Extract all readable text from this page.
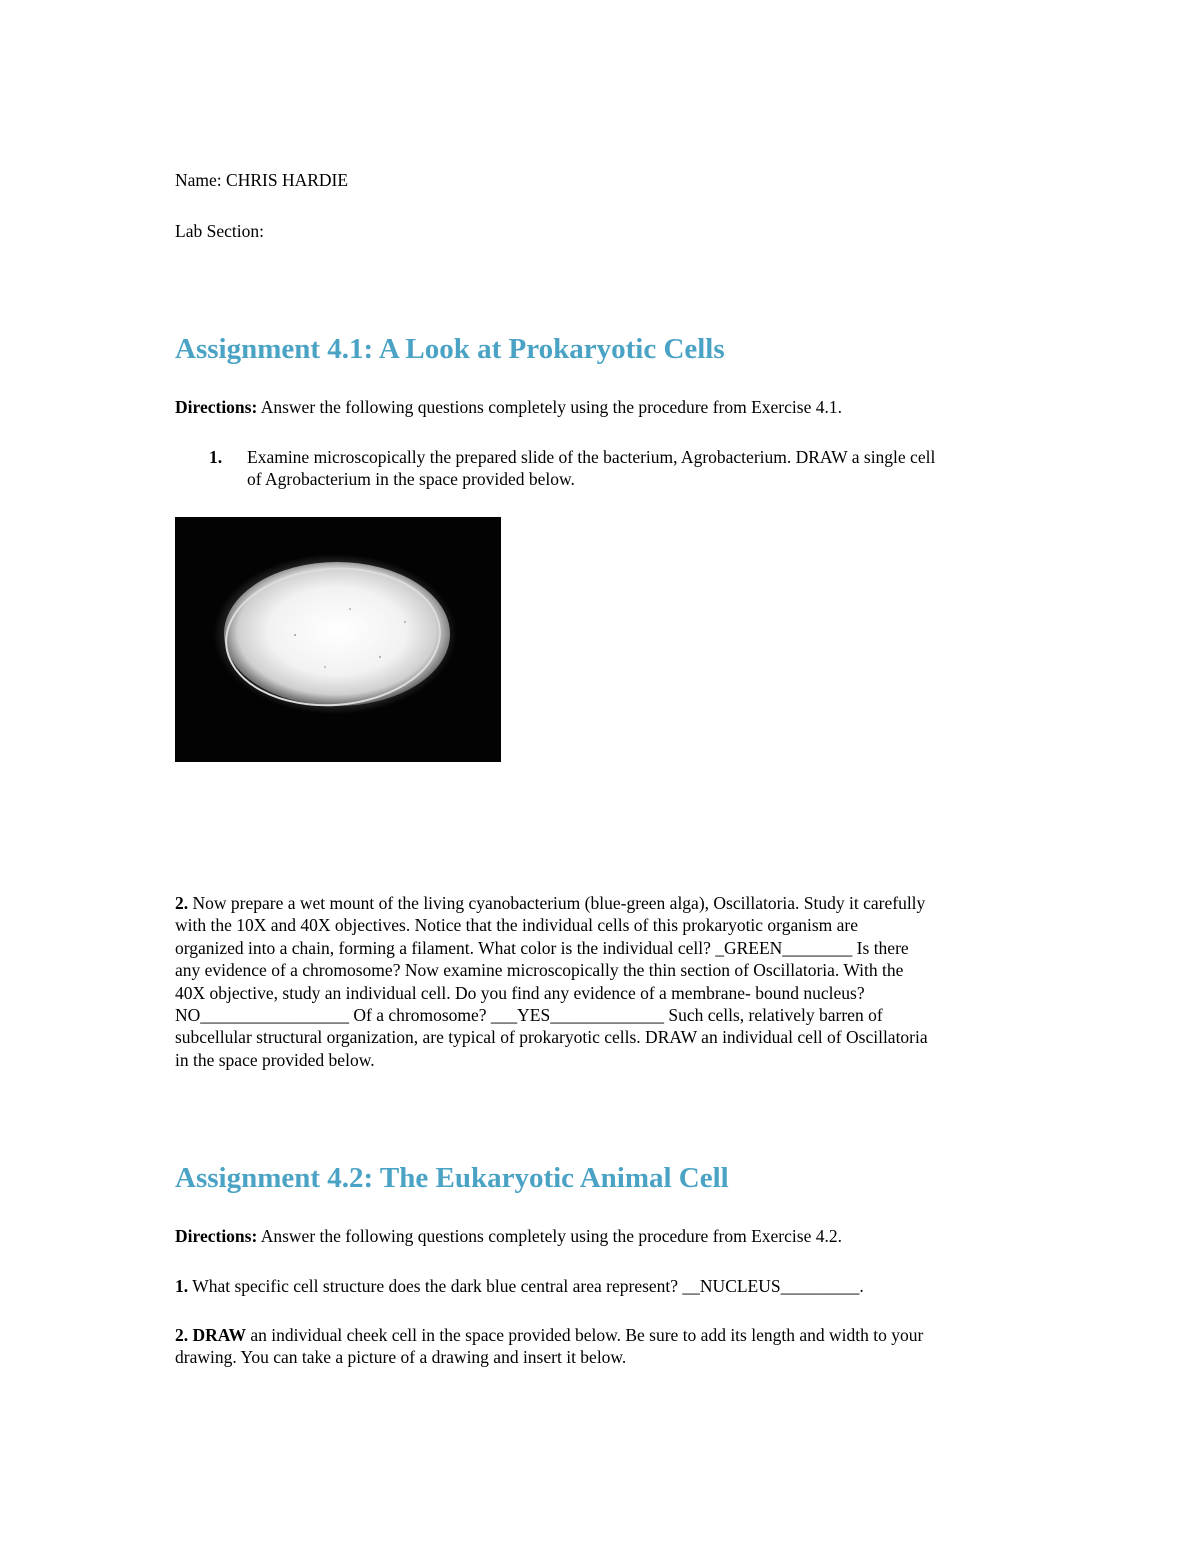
Name: CHRIS HARDIE
Lab Section:
Assignment 4.1: A Look at Prokaryotic Cells
Directions: Answer the following questions completely using the procedure from Exercise 4.1.
1. Examine microscopically the prepared slide of the bacterium, Agrobacterium. DRAW a single cell
of Agrobacterium in the space provided below.
2. Now prepare a wet mount of the living cyanobacterium (blue-green alga), Oscillatoria. Study it carefully
with the 10X and 40X objectives. Notice that the individual cells of this prokaryotic organism are
organized into a chain, forming a filament. What color is the individual cell? _GREEN________ Is there
any evidence of a chromosome? Now examine microscopically the thin section of Oscillatoria. With the
40X objective, study an individual cell. Do you find any evidence of a membrane- bound nucleus?
NO_________________ Of a chromosome? ___YES_____________ Such cells, relatively barren of
subcellular structural organization, are typical of prokaryotic cells. DRAW an individual cell of Oscillatoria
in the space provided below.
Assignment 4.2: The Eukaryotic Animal Cell
Directions: Answer the following questions completely using the procedure from Exercise 4.2.
1. What specific cell structure does the dark blue central area represent? __NUCLEUS_________.
2. DRAW an individual cheek cell in the space provided below. Be sure to add its length and width to your
drawing. You can take a picture of a drawing and insert it below.
